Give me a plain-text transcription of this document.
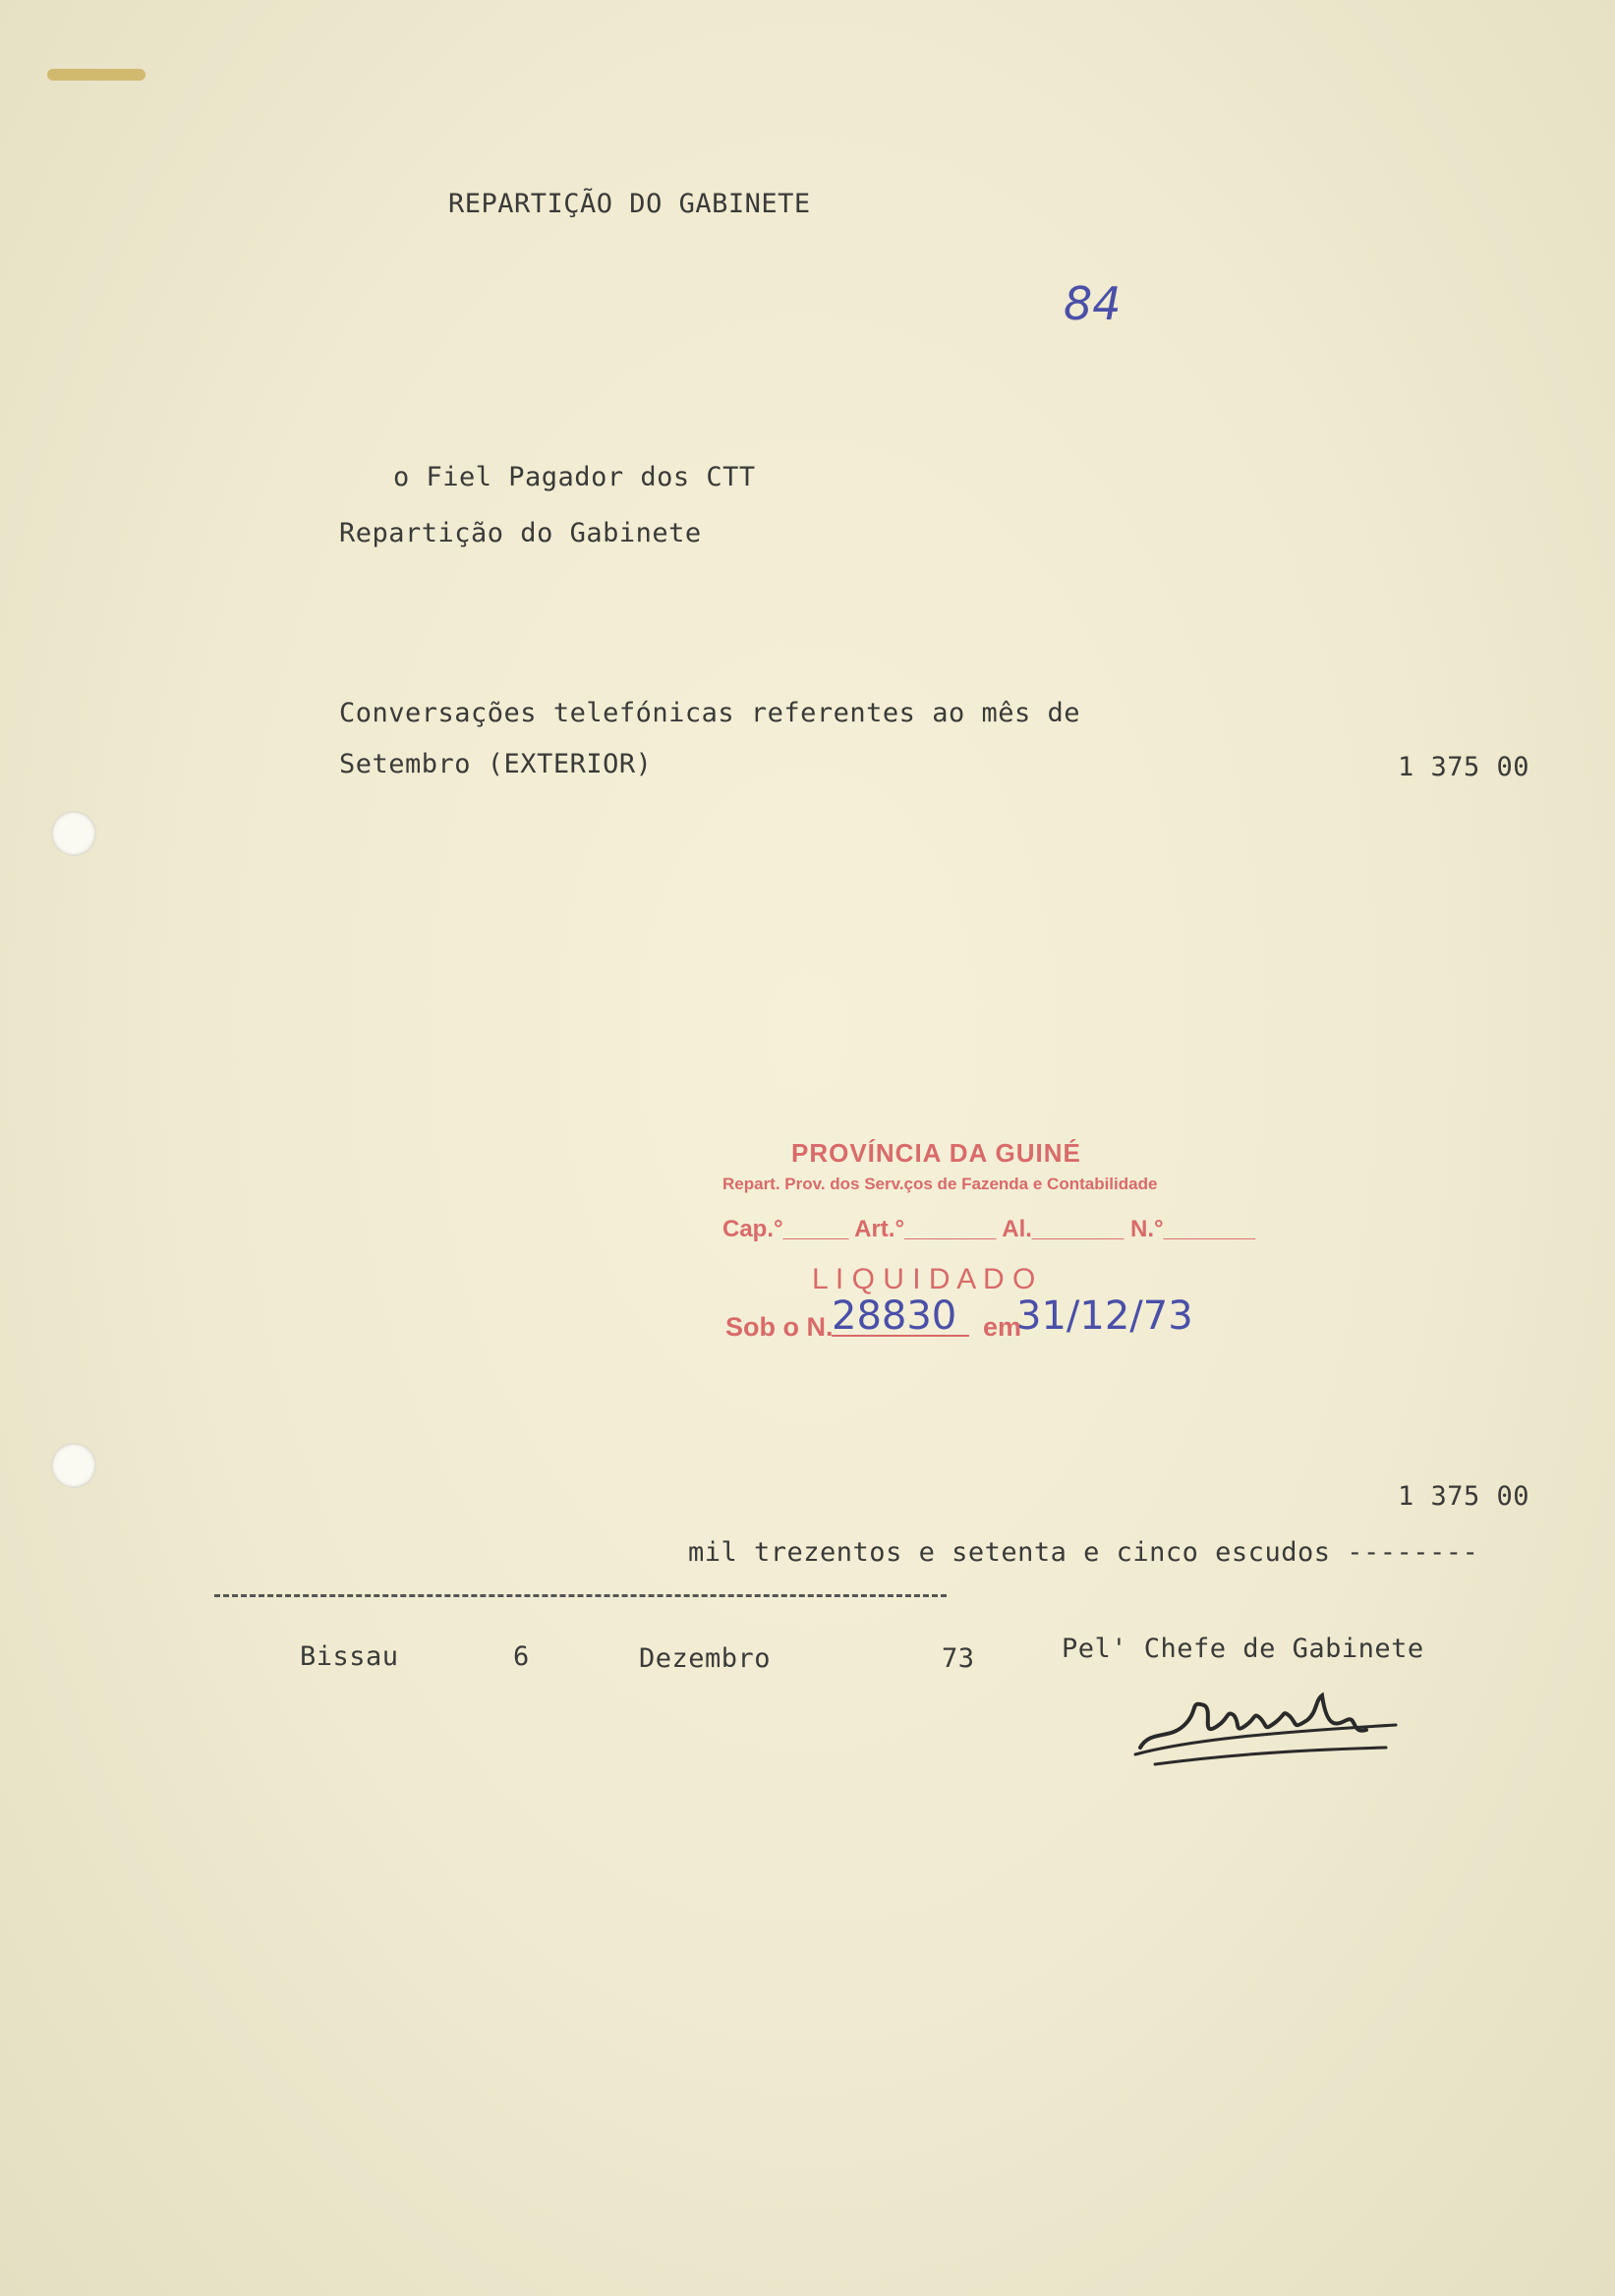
REPARTIÇÃO DO GABINETE
84
o Fiel Pagador dos CTT
Repartição do Gabinete
Conversações telefónicas referentes ao mês de
Setembro (EXTERIOR)	1 375 00
PROVÍNCIA DA GUINÉ
Repart. Prov. dos Serv.ços de Fazenda e Contabilidade
Cap.°_____ Art.°_______ Al._______ N.°_______
L I Q U I D A D O
Sob o N.
28830 em
31/12/73
1 375 00
mil trezentos e setenta e cinco escudos --------
Bissau	6	Dezembro	73	Pel' Chefe de Gabinete
